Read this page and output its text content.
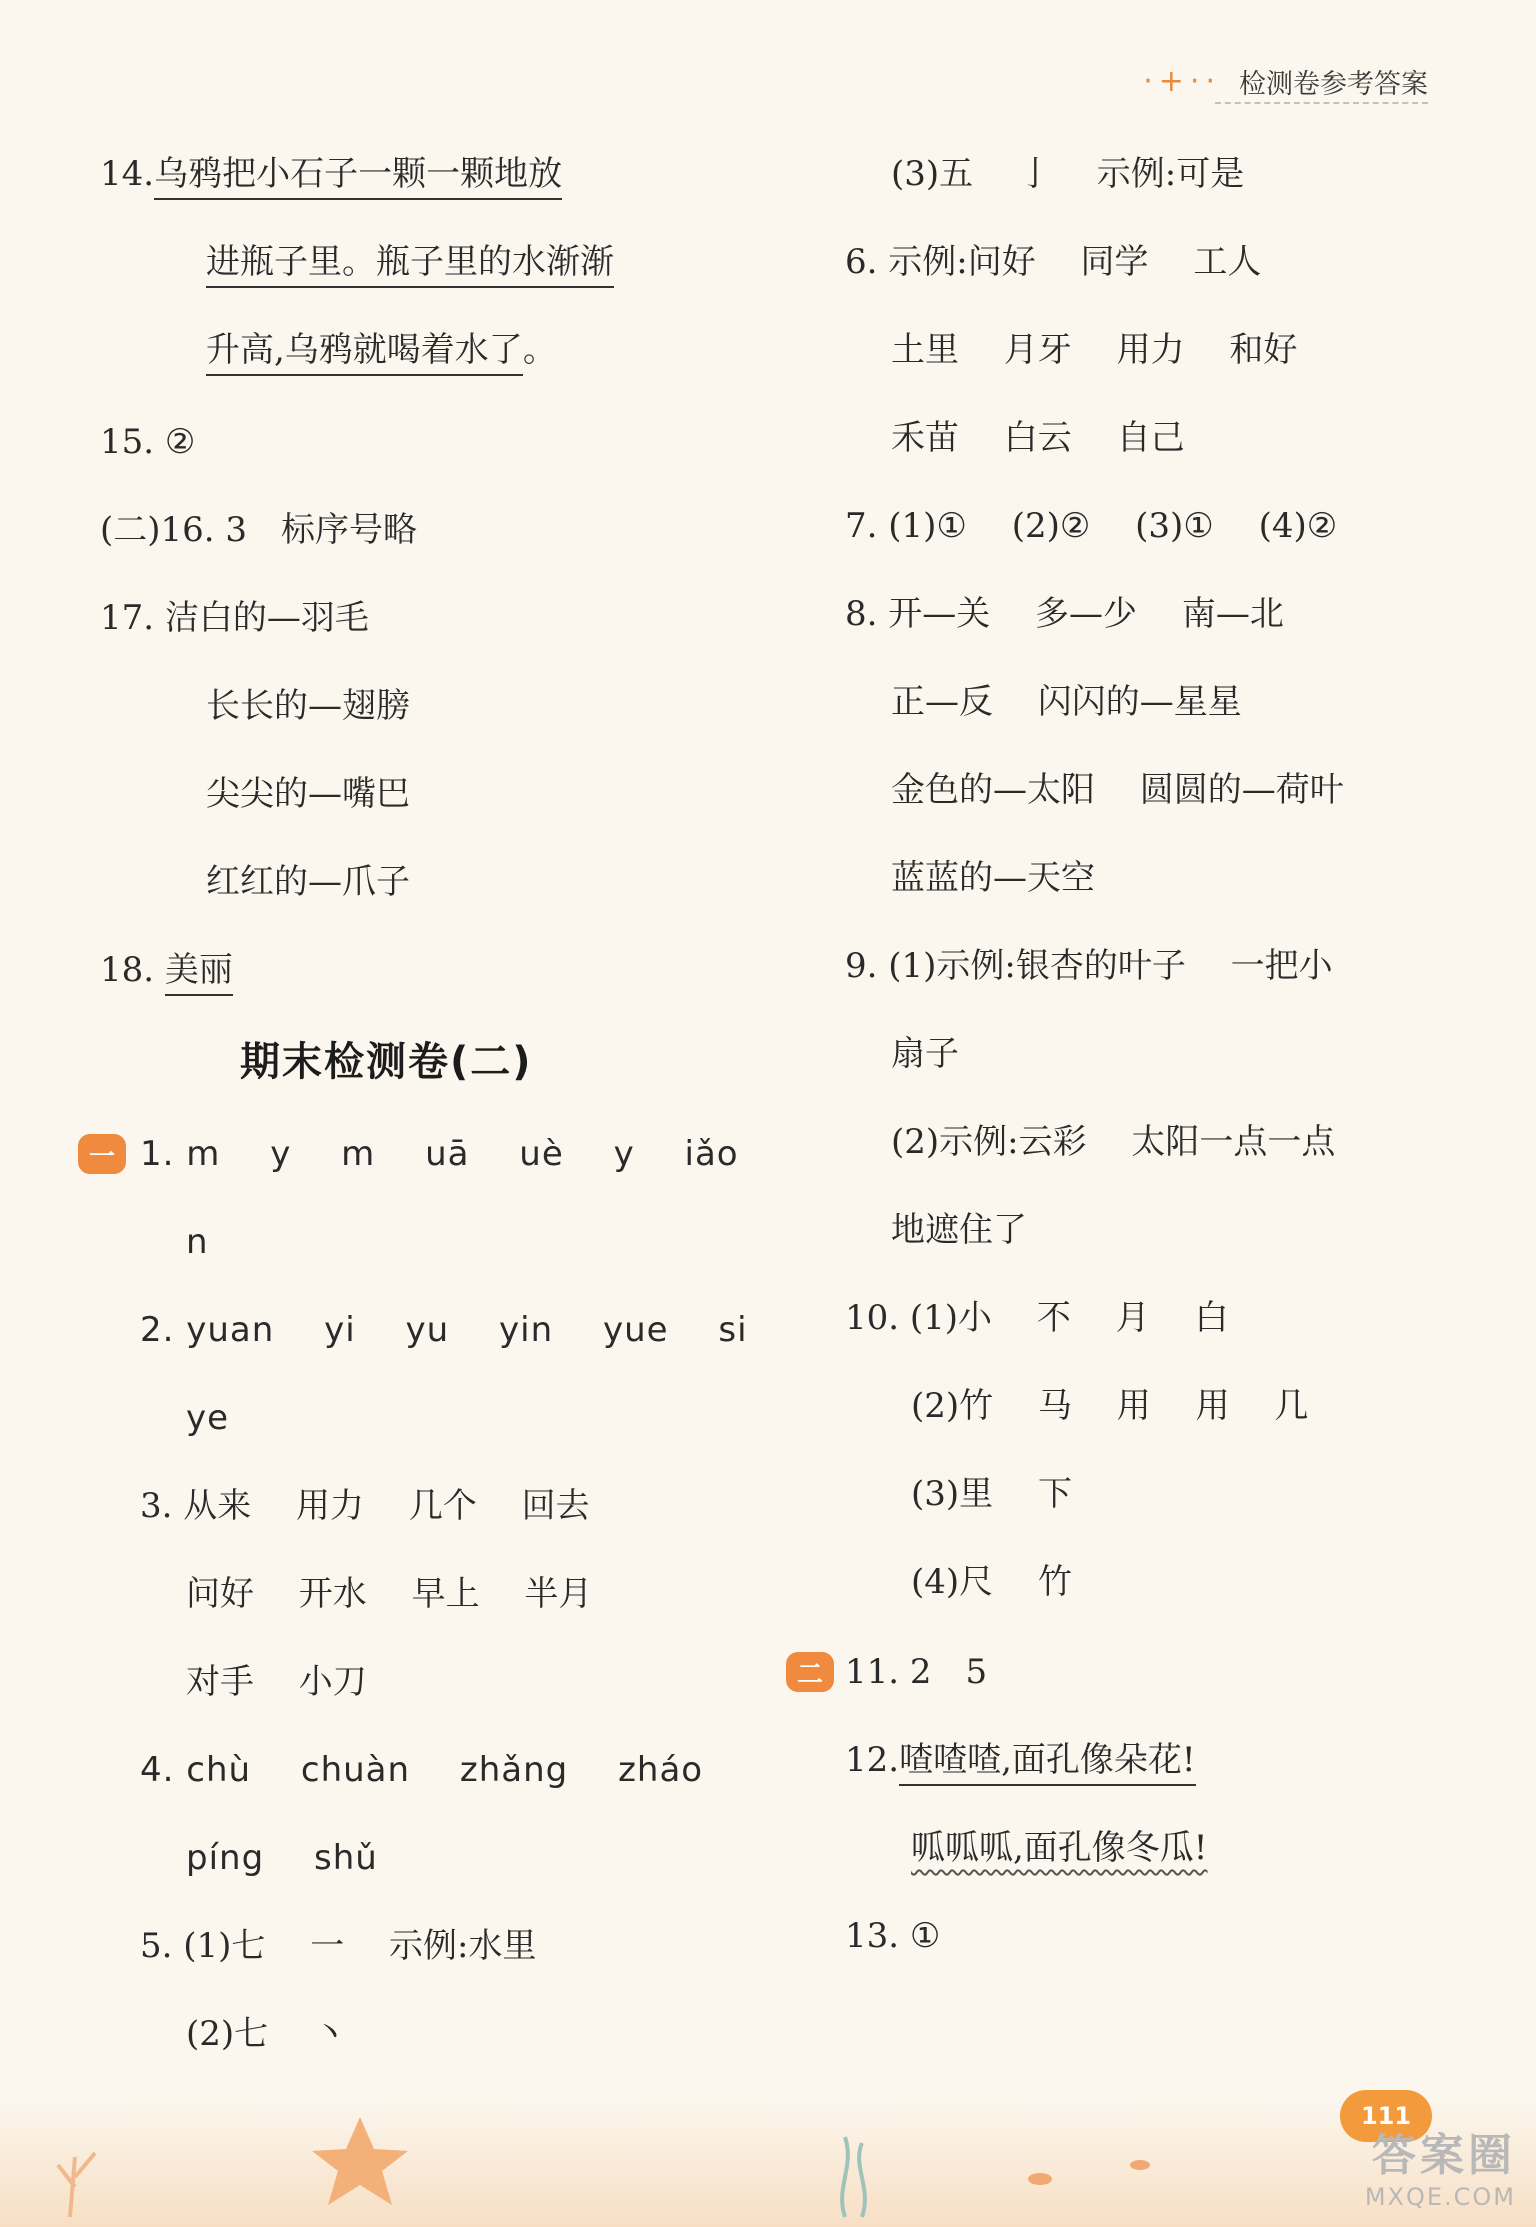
·+·· 检测卷参考答案
14.乌鸦把小石子一颗一颗地放
进瓶子里。瓶子里的水渐渐
升高,乌鸦就喝着水了。
15. ②
(二)16. 3　标序号略
17. 洁白的—羽毛
长长的—翅膀
尖尖的—嘴巴
红红的—爪子
18. 美丽
期末检测卷(二)
一 1. m y m uā uè y iǎo
n
2. yuan yi yu yin yue si
ye
3. 从来　 用力　 几个　 回去
问好　 开水　 早上　 半月
对手　 小刀
4. chù chuàn zhǎng zháo
píng shǔ
5. (1)七　 一　 示例:水里
(2)七　 丶
(3)五　 亅　 示例:可是
6. 示例:问好　 同学　 工人
土里　 月牙　 用力　 和好
禾苗　 白云　 自己
7. (1)①　 (2)②　 (3)①　 (4)②
8. 开—关　 多—少　 南—北
正—反　 闪闪的—星星
金色的—太阳　 圆圆的—荷叶
蓝蓝的—天空
9. (1)示例:银杏的叶子　 一把小
扇子
(2)示例:云彩　 太阳一点一点
地遮住了
10. (1)小　 不　 月　 白
(2)竹　 马　 用　 用　 几
(3)里　 下
(4)尺　 竹
11. 2　5
12.喳喳喳,面孔像朵花!
呱呱呱,面孔像冬瓜!
13. ①
二
111
答案圈
MXQE.COM
